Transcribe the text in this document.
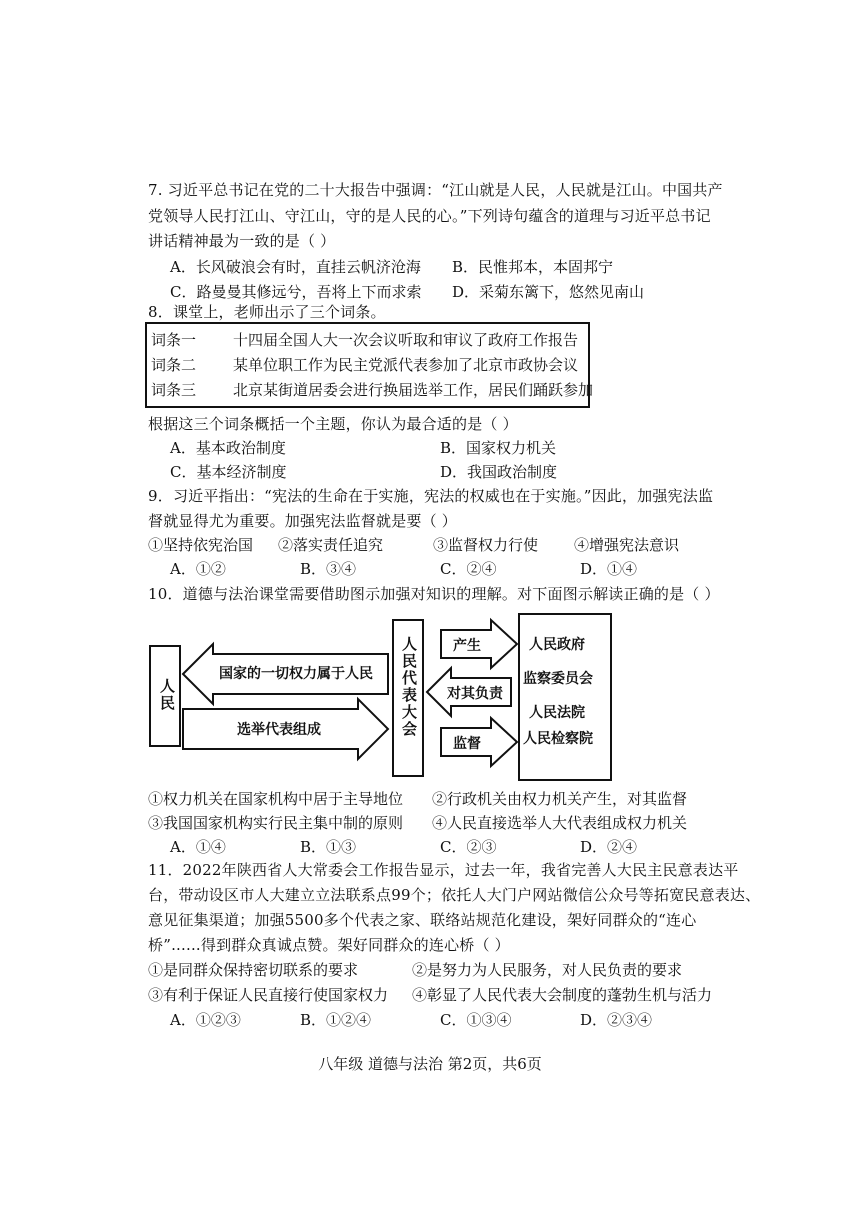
7. 习近平总书记在党的二十大报告中强调：“江山就是人民，人民就是江山。中国共产
党领导人民打江山、守江山，守的是人民的心。”下列诗句蕴含的道理与习近平总书记
讲话精神最为一致的是（ ）
A．长风破浪会有时，直挂云帆济沧海 B．民惟邦本，本固邦宁
C．路曼曼其修远兮，吾将上下而求索 D．采菊东篱下，悠然见南山
8．课堂上，老师出示了三个词条。
词条一 十四届全国人大一次会议听取和审议了政府工作报告
词条二 某单位职工作为民主党派代表参加了北京市政协会议
词条三 北京某街道居委会进行换届选举工作，居民们踊跃参加
根据这三个词条概括一个主题，你认为最合适的是（ ）
A．基本政治制度	B．国家权力机关
C．基本经济制度	D．我国政治制度
9．习近平指出：“宪法的生命在于实施，宪法的权威也在于实施。”因此，加强宪法监
督就显得尤为重要。加强宪法监督就是要（ ）
①坚持依宪治国 ②落实责任追究	③监督权力行使 ④增强宪法意识
A．①②	B．③④	C．②④	D．①④
10．道德与法治课堂需要借助图示加强对知识的理解。对下面图示解读正确的是（ ）
人民
国家的一切权力属于人民
选举代表组成	人民代表大会	产生
对其负责
监督
人民政府
监察委员会
人民法院
人民检察院
①权力机关在国家机构中居于主导地位 ②行政机关由权力机关产生，对其监督
③我国国家机构实行民主集中制的原则 ④人民直接选举人大代表组成权力机关
A．①④	B．①③	C．②③	D．②④
11．2022年陕西省人大常委会工作报告显示，过去一年，我省完善人大民主民意表达平
台，带动设区市人大建立立法联系点99个；依托人大门户网站微信公众号等拓宽民意表达、
意见征集渠道；加强5500多个代表之家、联络站规范化建设，架好同群众的“连心
桥”......得到群众真诚点赞。架好同群众的连心桥（ ）
①是同群众保持密切联系的要求	②是努力为人民服务，对人民负责的要求
③有利于保证人民直接行使国家权力 ④彰显了人民代表大会制度的蓬勃生机与活力
A．①②③	B．①②④	C．①③④	D．②③④
八年级 道德与法治 第2页，共6页
